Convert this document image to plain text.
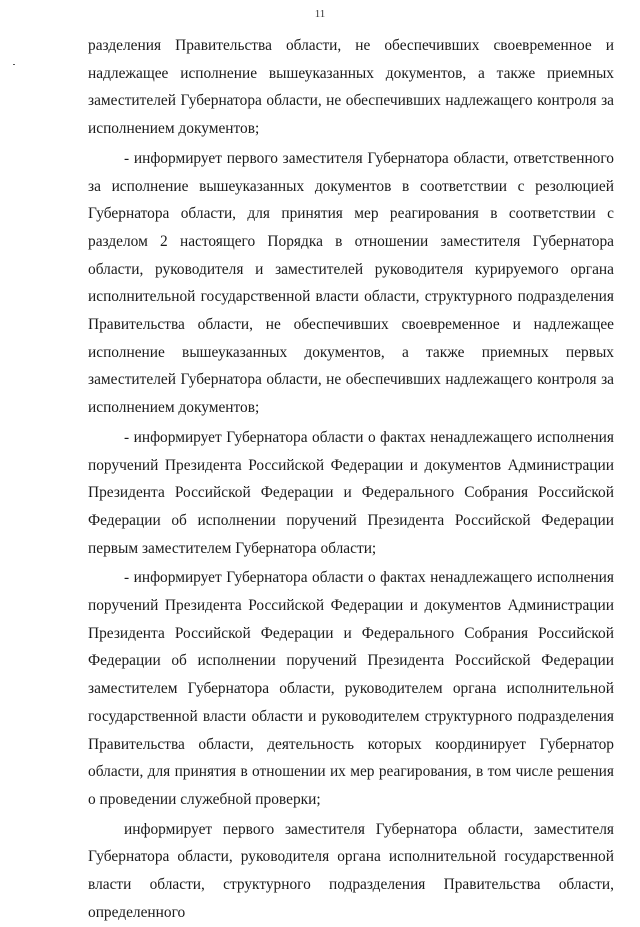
11

разделения Правительства области, не обеспечивших своевременное и надлежащее исполнение вышеуказанных документов, а также приемных заместителей Губернатора области, не обеспечивших надлежащего контроля за исполнением документов;

- информирует первого заместителя Губернатора области, ответственного за исполнение вышеуказанных документов в соответствии с резолюцией Губернатора области, для принятия мер реагирования в соответствии с разделом 2 настоящего Порядка в отношении заместителя Губернатора области, руководителя и заместителей руководителя курируемого органа исполнительной государственной власти области, структурного подразделения Правительства области, не обеспечивших своевременное и надлежащее исполнение вышеуказанных документов, а также приемных первых заместителей Губернатора области, не обеспечивших надлежащего контроля за исполнением документов;

- информирует Губернатора области о фактах ненадлежащего исполнения поручений Президента Российской Федерации и документов Администрации Президента Российской Федерации и Федерального Собрания Российской Федерации об исполнении поручений Президента Российской Федерации первым заместителем Губернатора области;

- информирует Губернатора области о фактах ненадлежащего исполнения поручений Президента Российской Федерации и документов Администрации Президента Российской Федерации и Федерального Собрания Российской Федерации об исполнении поручений Президента Российской Федерации заместителем Губернатора области, руководителем органа исполнительной государственной власти области и руководителем структурного подразделения Правительства области, деятельность которых координирует Губернатор области, для принятия в отношении их мер реагирования, в том числе решения о проведении служебной проверки;

информирует первого заместителя Губернатора области, заместителя Губернатора области, руководителя органа исполнительной государственной власти области, структурного подразделения Правительства области, определенного
